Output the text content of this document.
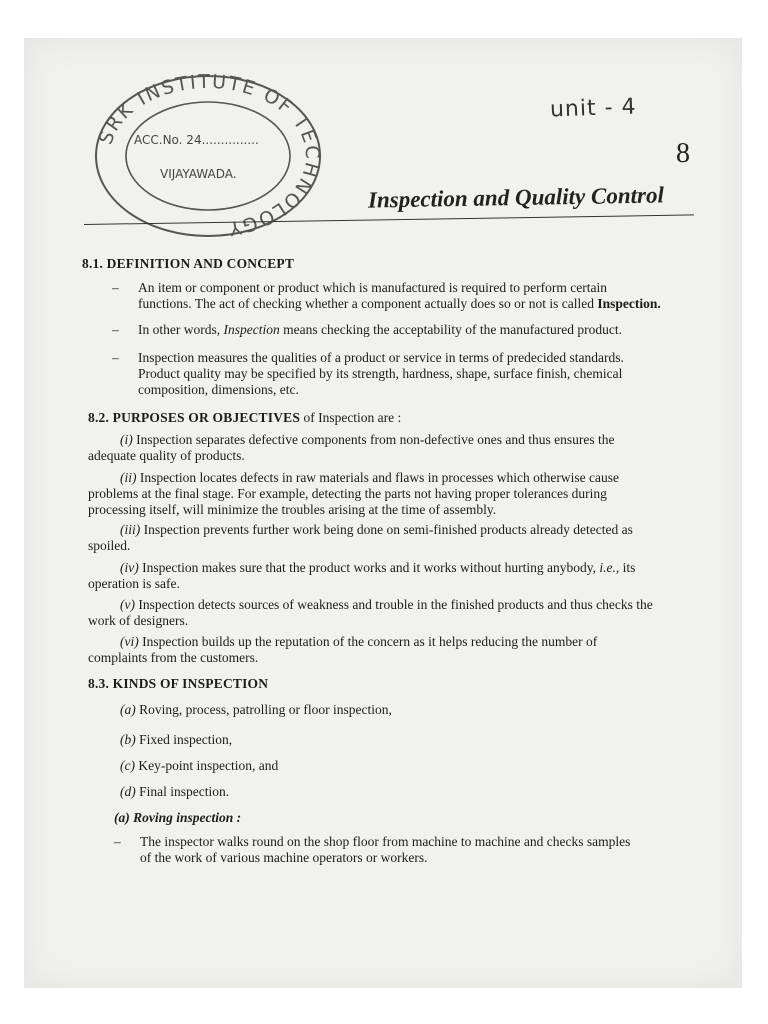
SRK INSTITUTE OF TECHNOLOGY
ACC.No. 24...............
VIJAYAWADA.
unit - 4
8
Inspection and Quality Control
8.1. DEFINITION AND CONCEPT
–	An item or component or product which is manufactured is required to perform certain
functions. The act of checking whether a component actually does so or not is called Inspection.
–	In other words, Inspection means checking the acceptability of the manufactured product.
–	Inspection measures the qualities of a product or service in terms of predecided standards.
Product quality may be specified by its strength, hardness, shape, surface finish, chemical
composition, dimensions, etc.
8.2. PURPOSES OR OBJECTIVES of Inspection are :
(i) Inspection separates defective components from non-defective ones and thus ensures the
adequate quality of products.
(ii) Inspection locates defects in raw materials and flaws in processes which otherwise cause
problems at the final stage. For example, detecting the parts not having proper tolerances during
processing itself, will minimize the troubles arising at the time of assembly.
(iii) Inspection prevents further work being done on semi-finished products already detected as
spoiled.
(iv) Inspection makes sure that the product works and it works without hurting anybody, i.e., its
operation is safe.
(v) Inspection detects sources of weakness and trouble in the finished products and thus checks the
work of designers.
(vi) Inspection builds up the reputation of the concern as it helps reducing the number of
complaints from the customers.
8.3. KINDS OF INSPECTION
(a) Roving, process, patrolling or floor inspection,
(b) Fixed inspection,
(c) Key-point inspection, and
(d) Final inspection.
(a) Roving inspection :
–	The inspector walks round on the shop floor from machine to machine and checks samples
of the work of various machine operators or workers.
